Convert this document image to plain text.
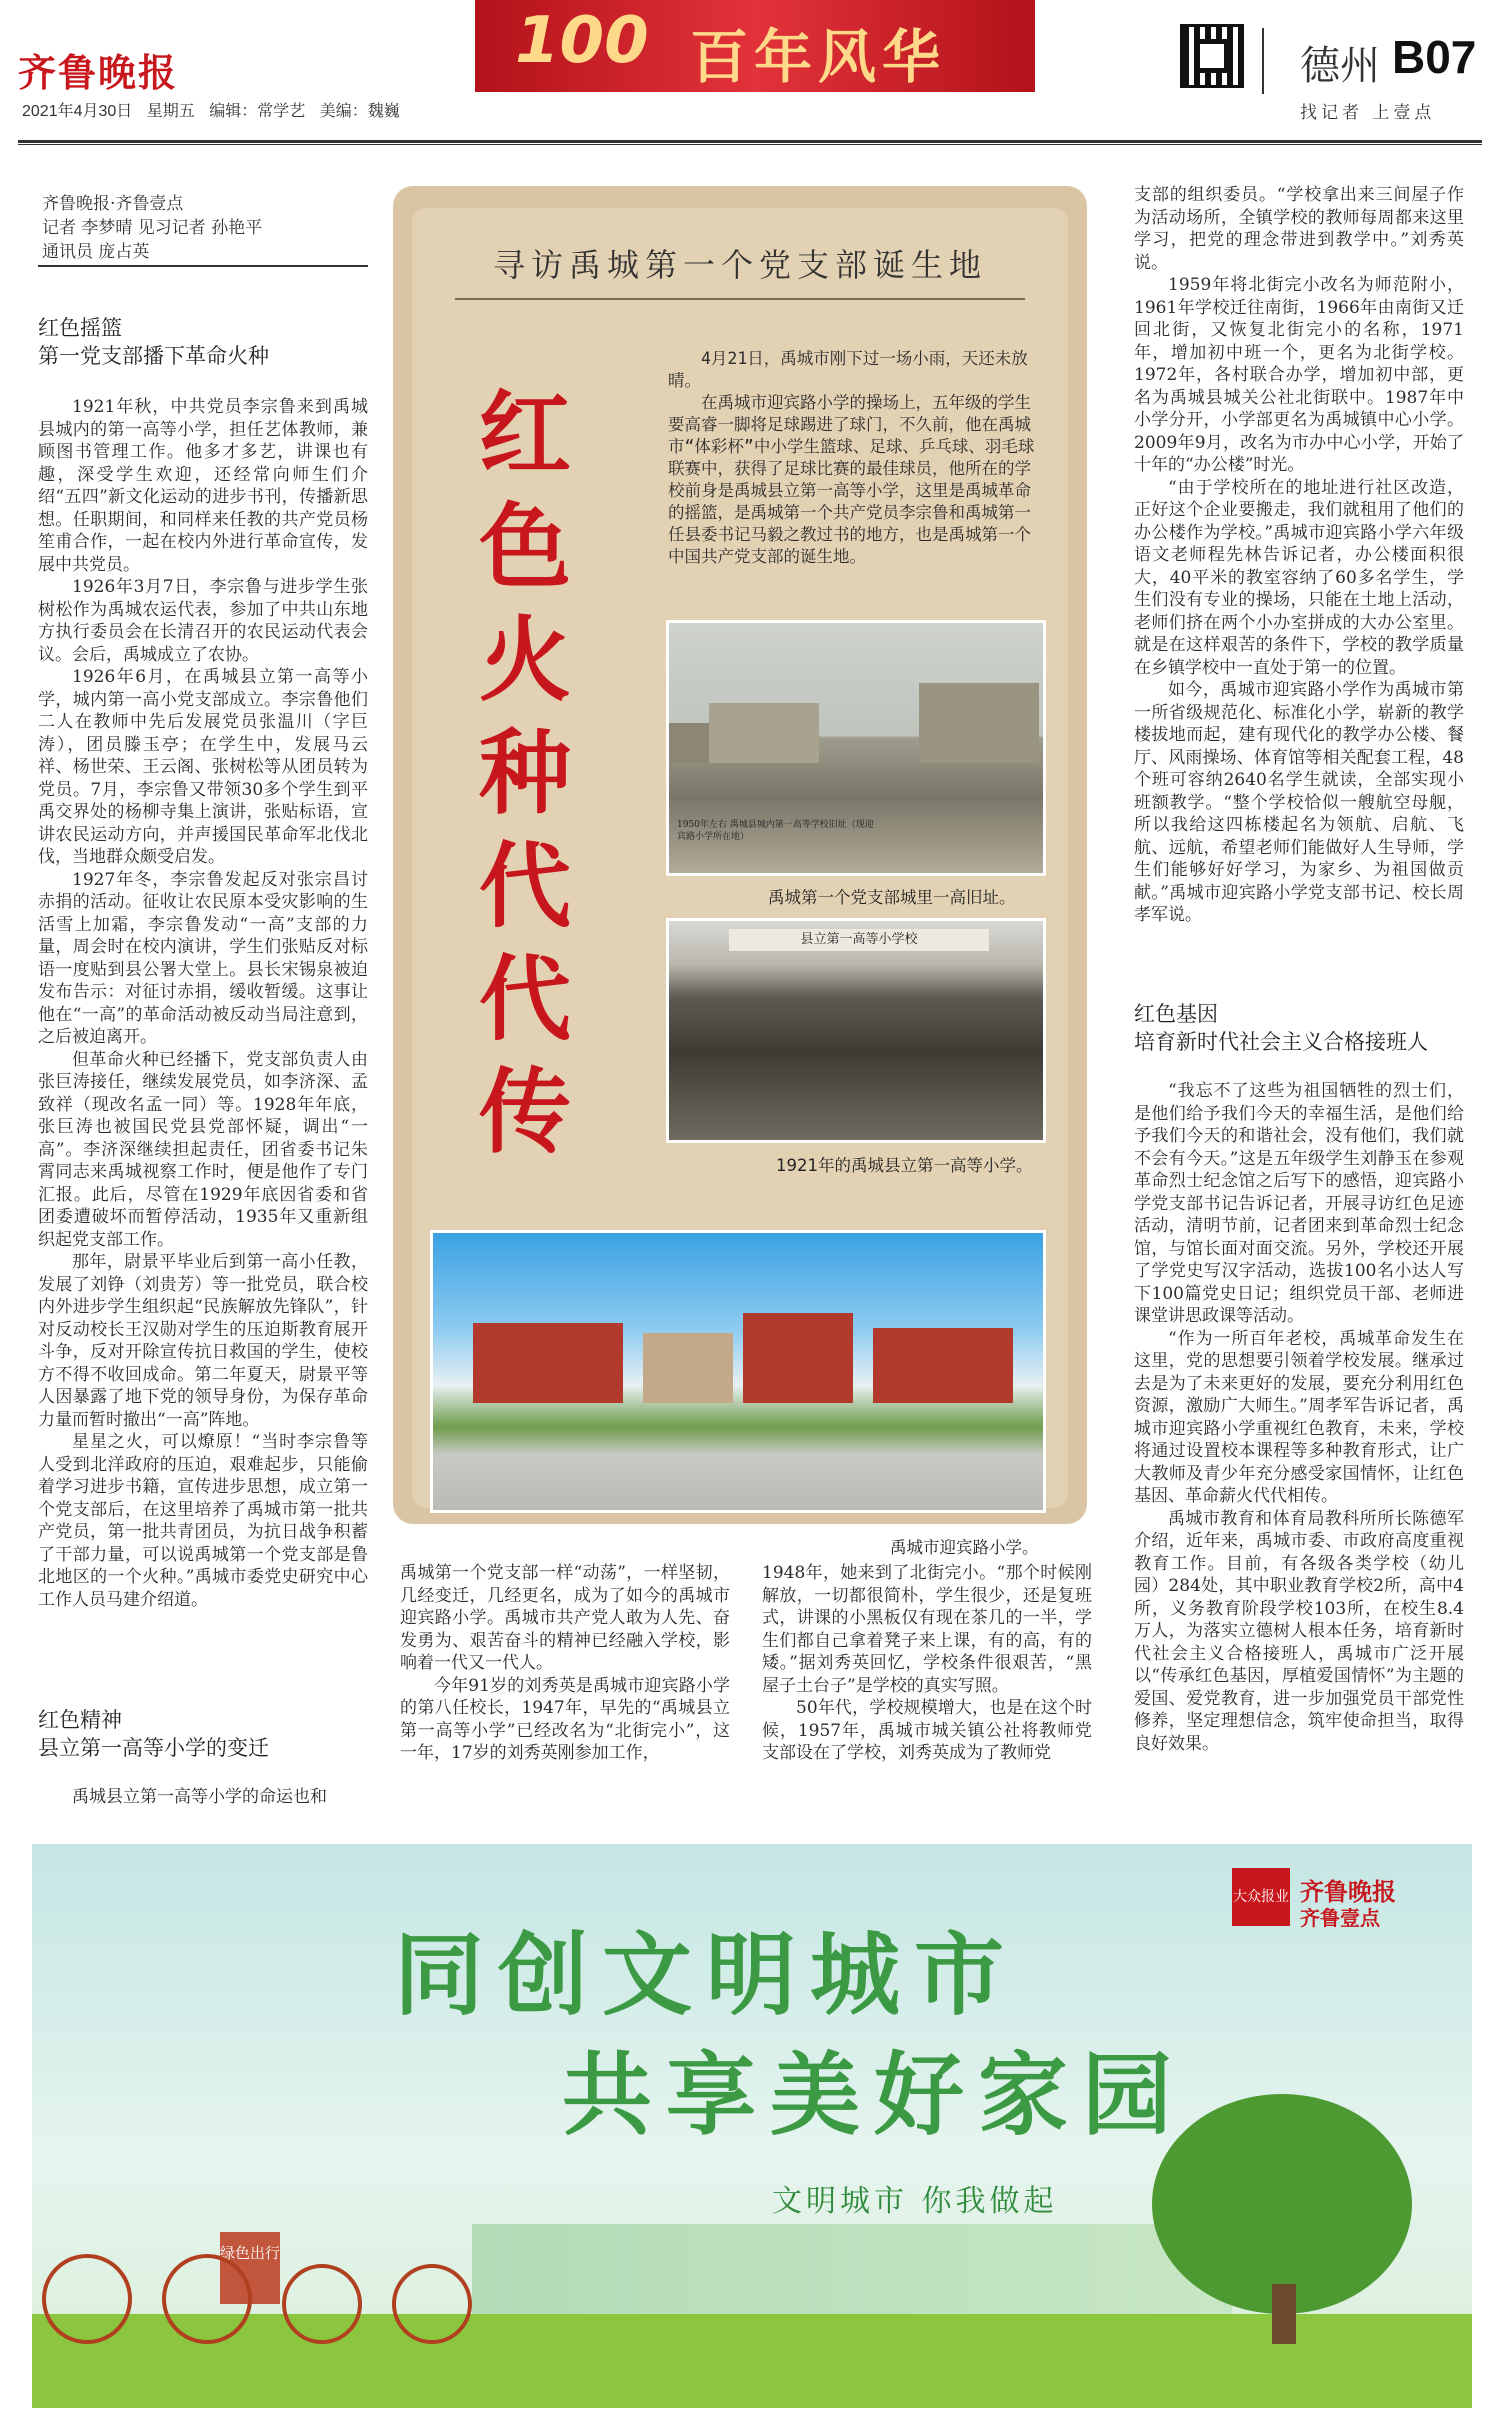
齐鲁晚报	100 百年风华	德州 B07
找记者 上壹点
2021年4月30日 星期五 编辑：常学艺 美编：魏巍
齐鲁晚报·齐鲁壹点
记者 李梦晴 见习记者 孙艳平
通讯员 庞占英
红色摇篮
第一党支部播下革命火种

1921年秋，中共党员李宗鲁来到禹城县城内的第一高等小学，担任艺体教师，兼顾图书管理工作。他多才多艺，讲课也有趣，深受学生欢迎，还经常向师生们介绍“五四”新文化运动的进步书刊，传播新思想。任职期间，和同样来任教的共产党员杨笙甫合作，一起在校内外进行革命宣传，发展中共党员。

1926年3月7日，李宗鲁与进步学生张树松作为禹城农运代表，参加了中共山东地方执行委员会在长清召开的农民运动代表会议。会后，禹城成立了农协。

1926年6月，在禹城县立第一高等小学，城内第一高小党支部成立。李宗鲁他们二人在教师中先后发展党员张温川（字巨涛），团员滕玉亭；在学生中，发展马云祥、杨世荣、王云阁、张树松等从团员转为党员。7月，李宗鲁又带领30多个学生到平禹交界处的杨柳寺集上演讲，张贴标语，宣讲农民运动方向，并声援国民革命军北伐北伐，当地群众颇受启发。

1927年冬，李宗鲁发起反对张宗昌讨赤捐的活动。征收让农民原本受灾影响的生活雪上加霜，李宗鲁发动“一高”支部的力量，周会时在校内演讲，学生们张贴反对标语一度贴到县公署大堂上。县长宋锡泉被迫发布告示：对征讨赤捐，缓收暂缓。这事让他在“一高”的革命活动被反动当局注意到，之后被迫离开。

但革命火种已经播下，党支部负责人由张巨涛接任，继续发展党员，如李济深、孟致祥（现改名孟一同）等。1928年年底，张巨涛也被国民党县党部怀疑，调出“一高”。李济深继续担起责任，团省委书记朱霄同志来禹城视察工作时，便是他作了专门汇报。此后，尽管在1929年底因省委和省团委遭破坏而暂停活动，1935年又重新组织起党支部工作。

那年，尉景平毕业后到第一高小任教，发展了刘铮（刘贵芳）等一批党员，联合校内外进步学生组织起“民族解放先锋队”，针对反动校长王汉勋对学生的压迫斯教育展开斗争，反对开除宣传抗日救国的学生，使校方不得不收回成命。第二年夏天，尉景平等人因暴露了地下党的领导身份，为保存革命力量而暂时撤出“一高”阵地。

星星之火，可以燎原！“当时李宗鲁等人受到北洋政府的压迫，艰难起步，只能偷着学习进步书籍，宣传进步思想，成立第一个党支部后，在这里培养了禹城市第一批共产党员，第一批共青团员，为抗日战争积蓄了干部力量，可以说禹城第一个党支部是鲁北地区的一个火种。”禹城市委党史研究中心工作人员马建介绍道。

红色精神
县立第一高等小学的变迁

禹城县立第一高等小学的命运也和

寻访禹城第一个党支部诞生地
红色火种代代传

4月21日，禹城市刚下过一场小雨，天还未放晴。

在禹城市迎宾路小学的操场上，五年级的学生要高睿一脚将足球踢进了球门，不久前，他在禹城市“体彩杯”中小学生篮球、足球、乒乓球、羽毛球联赛中，获得了足球比赛的最佳球员，他所在的学校前身是禹城县立第一高等小学，这里是禹城革命的摇篮，是禹城第一个共产党员李宗鲁和禹城第一任县委书记马毅之教过书的地方，也是禹城第一个中国共产党支部的诞生地。

1950年左右 禹城县城内第一高等学校旧址（现迎宾路小学所在地）
禹城第一个党支部城里一高旧址。
县立第一高等小学校
1921年的禹城县立第一高等小学。
禹城市迎宾路小学。

禹城第一个党支部一样“动荡”，一样坚韧，几经变迁，几经更名，成为了如今的禹城市迎宾路小学。禹城市共产党人敢为人先、奋发勇为、艰苦奋斗的精神已经融入学校，影响着一代又一代人。

今年91岁的刘秀英是禹城市迎宾路小学的第八任校长，1947年，早先的“禹城县立第一高等小学”已经改名为“北街完小”，这一年，17岁的刘秀英刚参加工作，

1948年，她来到了北街完小。“那个时候刚解放，一切都很简朴，学生很少，还是复班式，讲课的小黑板仅有现在茶几的一半，学生们都自己拿着凳子来上课，有的高，有的矮。”据刘秀英回忆，学校条件很艰苦，“黑屋子土台子”是学校的真实写照。

50年代，学校规模增大，也是在这个时候，1957年，禹城市城关镇公社将教师党支部设在了学校，刘秀英成为了教师党

支部的组织委员。“学校拿出来三间屋子作为活动场所，全镇学校的教师每周都来这里学习，把党的理念带进到教学中。”刘秀英说。

1959年将北街完小改名为师范附小，1961年学校迁往南街，1966年由南街又迁回北街，又恢复北街完小的名称，1971年，增加初中班一个，更名为北街学校。1972年，各村联合办学，增加初中部，更名为禹城县城关公社北街联中。1987年中小学分开，小学部更名为禹城镇中心小学。2009年9月，改名为市办中心小学，开始了十年的“办公楼”时光。

“由于学校所在的地址进行社区改造，正好这个企业要搬走，我们就租用了他们的办公楼作为学校。”禹城市迎宾路小学六年级语文老师程先林告诉记者，办公楼面积很大，40平米的教室容纳了60多名学生，学生们没有专业的操场，只能在土地上活动，老师们挤在两个小办室拼成的大办公室里。就是在这样艰苦的条件下，学校的教学质量在乡镇学校中一直处于第一的位置。

如今，禹城市迎宾路小学作为禹城市第一所省级规范化、标准化小学，崭新的教学楼拔地而起，建有现代化的教学办公楼、餐厅、风雨操场、体育馆等相关配套工程，48个班可容纳2640名学生就读，全部实现小班额教学。“整个学校恰似一艘航空母舰，所以我给这四栋楼起名为领航、启航、飞航、远航，希望老师们能做好人生导师，学生们能够好好学习，为家乡、为祖国做贡献。”禹城市迎宾路小学党支部书记、校长周孝军说。

红色基因
培育新时代社会主义合格接班人

“我忘不了这些为祖国牺牲的烈士们，是他们给予我们今天的幸福生活，是他们给予我们今天的和谐社会，没有他们，我们就不会有今天。”这是五年级学生刘静玉在参观革命烈士纪念馆之后写下的感悟，迎宾路小学党支部书记告诉记者，开展寻访红色足迹活动，清明节前，记者团来到革命烈士纪念馆，与馆长面对面交流。另外，学校还开展了学党史写汉字活动，选拔100名小达人写下100篇党史日记；组织党员干部、老师进课堂讲思政课等活动。

“作为一所百年老校，禹城革命发生在这里，党的思想要引领着学校发展。继承过去是为了未来更好的发展，要充分利用红色资源，激励广大师生。”周孝军告诉记者，禹城市迎宾路小学重视红色教育，未来，学校将通过设置校本课程等多种教育形式，让广大教师及青少年充分感受家国情怀，让红色基因、革命薪火代代相传。

禹城市教育和体育局教科所所长陈德军介绍，近年来，禹城市委、市政府高度重视教育工作。目前，有各级各类学校（幼儿园）284处，其中职业教育学校2所，高中4所，义务教育阶段学校103所，在校生8.4万人，为落实立德树人根本任务，培育新时代社会主义合格接班人，禹城市广泛开展以“传承红色基因，厚植爱国情怀”为主题的爱国、爱党教育，进一步加强党员干部党性修养，坚定理想信念，筑牢使命担当，取得良好效果。

同创文明城市
共享美好家园
文明城市 你我做起
大众报业 齐鲁晚报
齐鲁壹点
绿色出行
